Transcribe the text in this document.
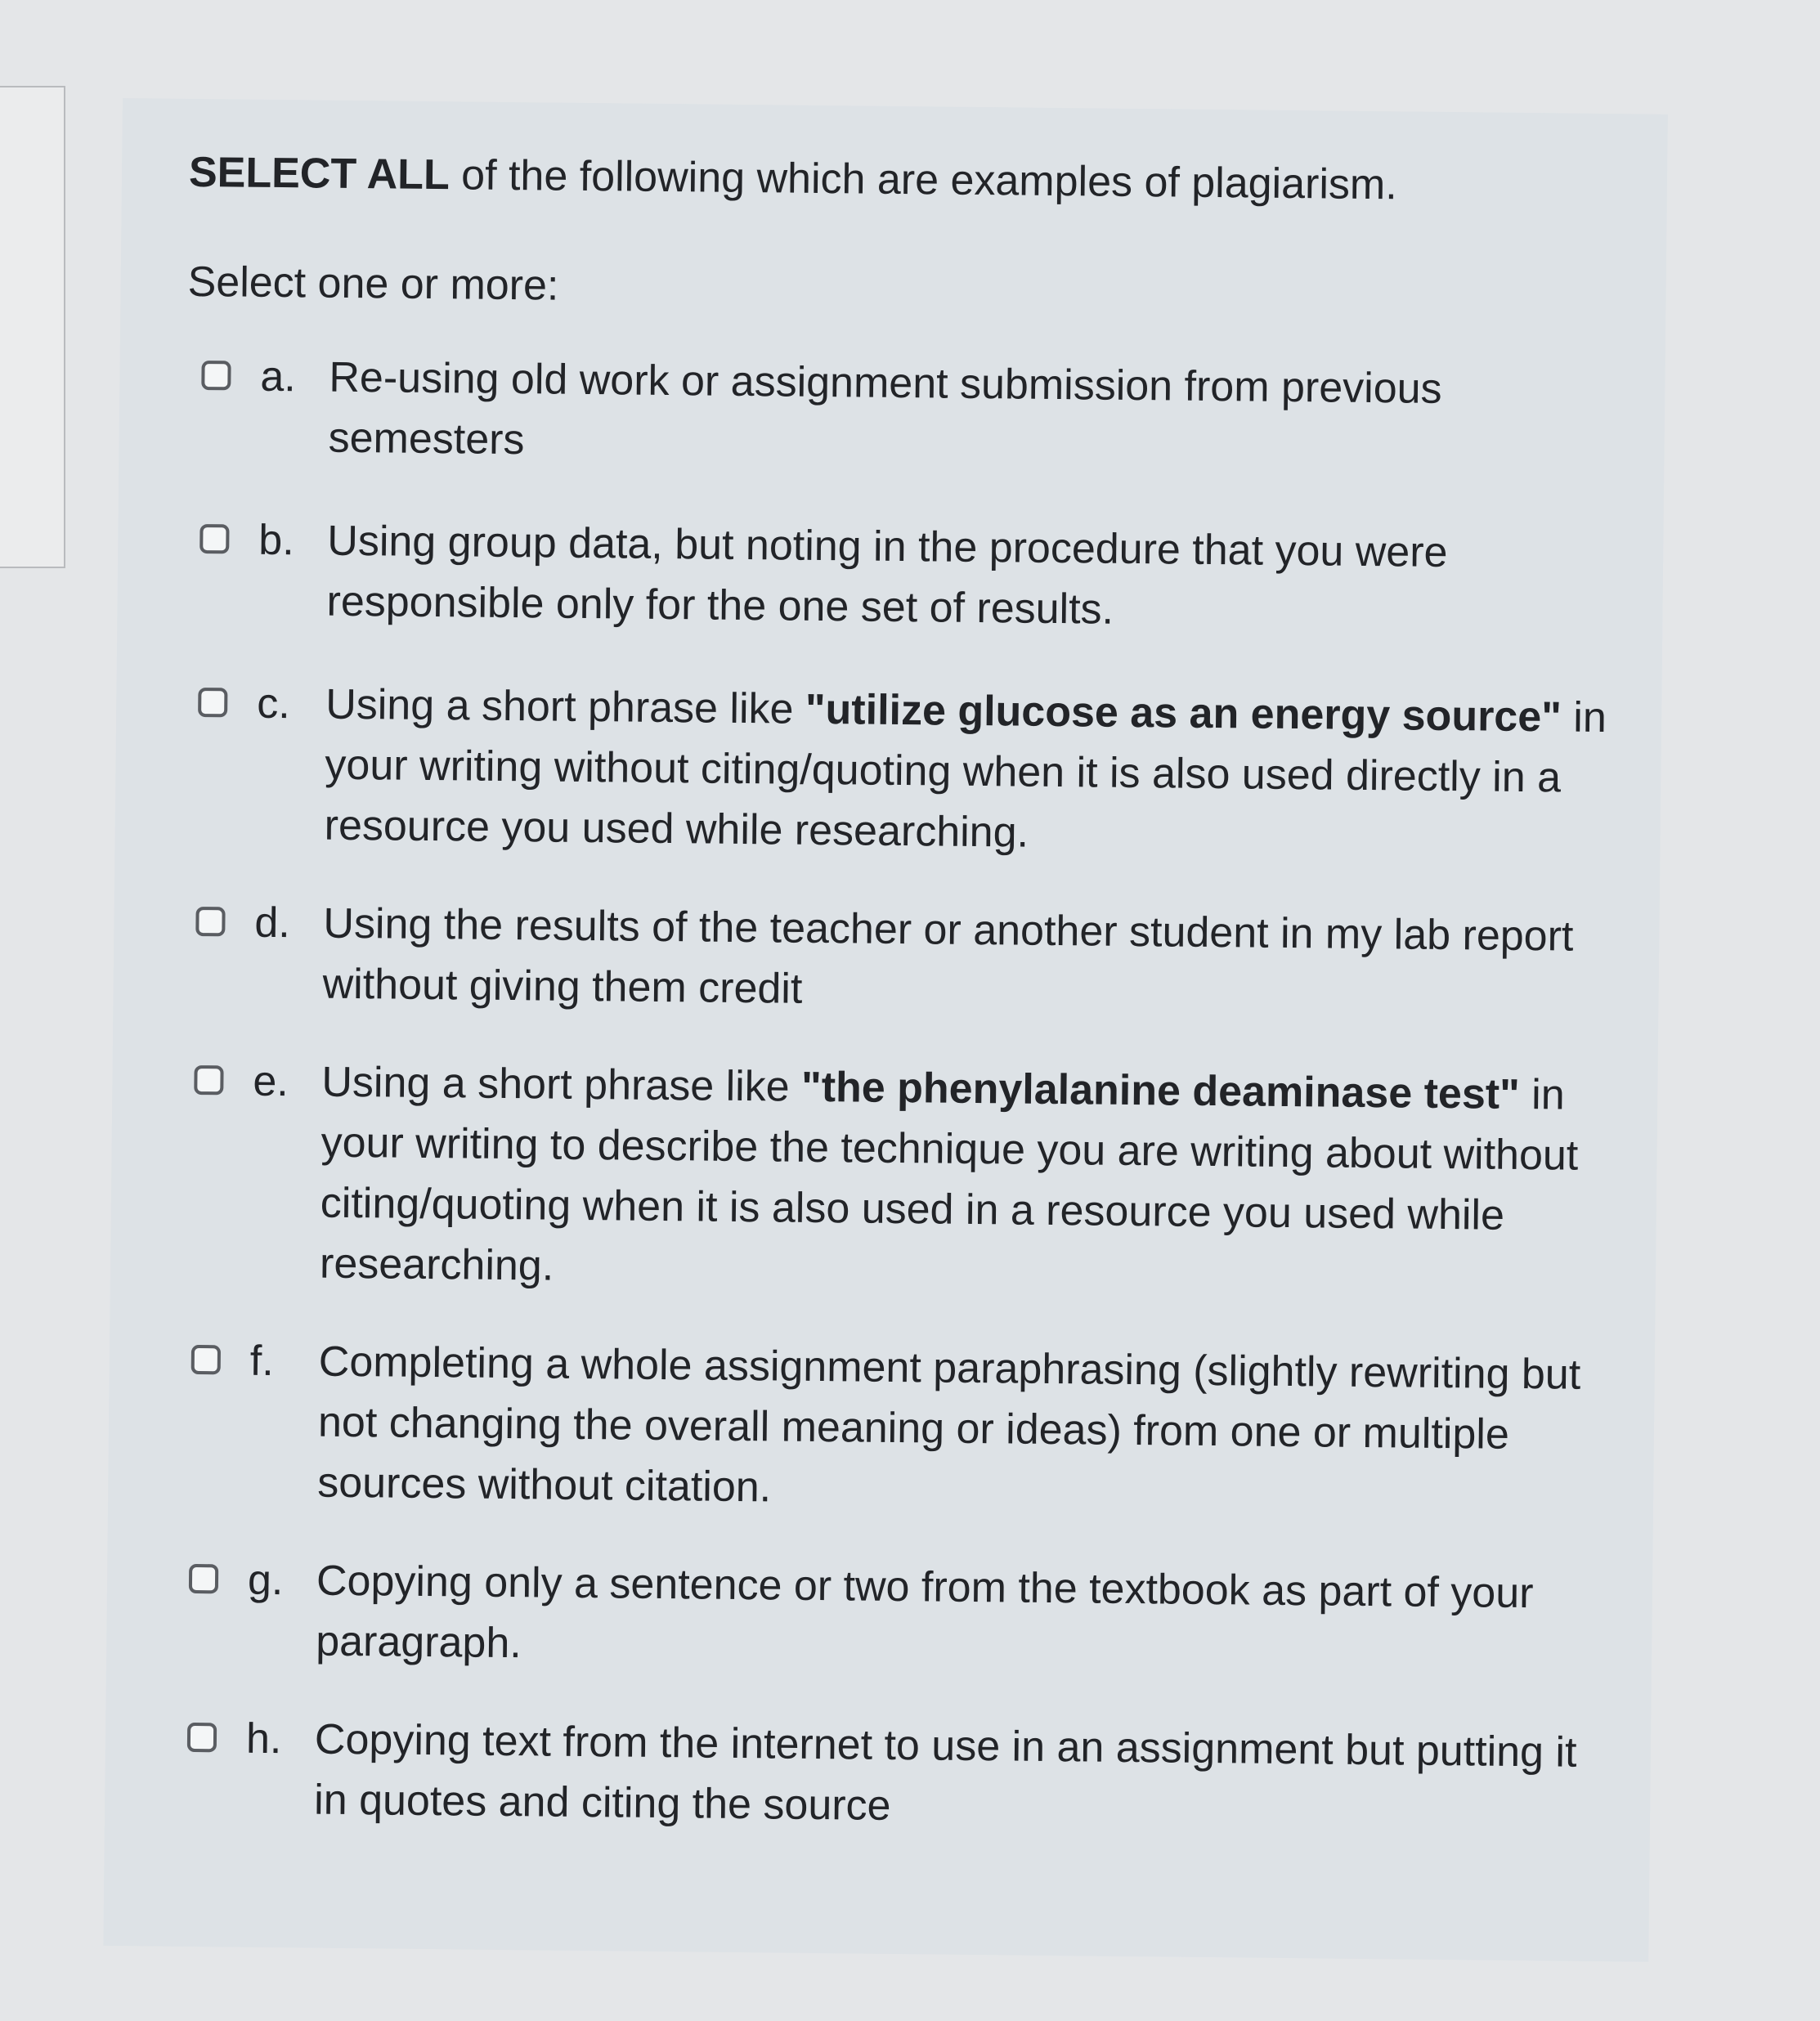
SELECT ALL of the following which are examples of plagiarism.

Select one or more:
a. Re-using old work or assignment submission from previous semesters
b. Using group data, but noting in the procedure that you were responsible only for the one set of results.
c. Using a short phrase like "utilize glucose as an energy source" in your writing without citing/quoting when it is also used directly in a resource you used while researching.
d. Using the results of the teacher or another student in my lab report without giving them credit
e. Using a short phrase like "the phenylalanine deaminase test" in your writing to describe the technique you are writing about without citing/quoting when it is also used in a resource you used while researching.
f.	Completing a whole assignment paraphrasing (slightly rewriting but not changing the overall meaning or ideas) from one or multiple sources without citation.
g. Copying only a sentence or two from the textbook as part of your paragraph.
h. Copying text from the internet to use in an assignment but putting it in quotes and citing the source
